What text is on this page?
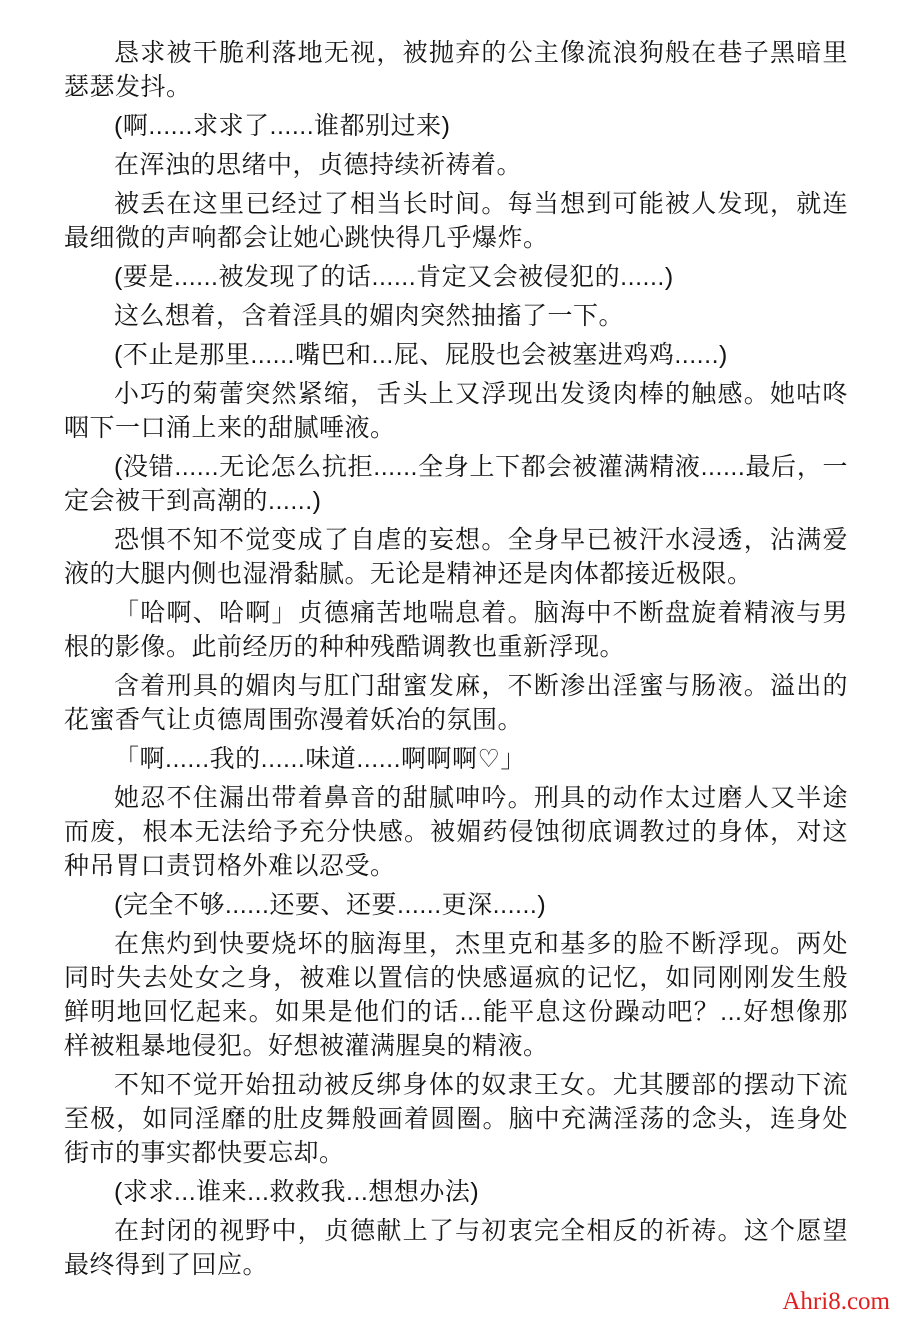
恳求被干脆利落地无视，被抛弃的公主像流浪狗般在巷子黑暗里瑟瑟发抖。

(啊......求求了......谁都别过来)

在浑浊的思绪中，贞德持续祈祷着。

被丢在这里已经过了相当长时间。每当想到可能被人发现，就连最细微的声响都会让她心跳快得几乎爆炸。

(要是......被发现了的话......肯定又会被侵犯的......)

这么想着，含着淫具的媚肉突然抽搐了一下。

(不止是那里......嘴巴和...屁、屁股也会被塞进鸡鸡......)

小巧的菊蕾突然紧缩，舌头上又浮现出发烫肉棒的触感。她咕咚咽下一口涌上来的甜腻唾液。

(没错......无论怎么抗拒......全身上下都会被灌满精液......最后，一定会被干到高潮的......)

恐惧不知不觉变成了自虐的妄想。全身早已被汗水浸透，沾满爱液的大腿内侧也湿滑黏腻。无论是精神还是肉体都接近极限。

「哈啊、哈啊」贞德痛苦地喘息着。脑海中不断盘旋着精液与男根的影像。此前经历的种种残酷调教也重新浮现。

含着刑具的媚肉与肛门甜蜜发麻，不断渗出淫蜜与肠液。溢出的花蜜香气让贞德周围弥漫着妖冶的氛围。

「啊......我的......味道......啊啊啊♡」

她忍不住漏出带着鼻音的甜腻呻吟。刑具的动作太过磨人又半途而废，根本无法给予充分快感。被媚药侵蚀彻底调教过的身体，对这种吊胃口责罚格外难以忍受。

(完全不够......还要、还要......更深......)

在焦灼到快要烧坏的脑海里，杰里克和基多的脸不断浮现。两处同时失去处女之身，被难以置信的快感逼疯的记忆，如同刚刚发生般鲜明地回忆起来。如果是他们的话...能平息这份躁动吧？...好想像那样被粗暴地侵犯。好想被灌满腥臭的精液。

不知不觉开始扭动被反绑身体的奴隶王女。尤其腰部的摆动下流至极，如同淫靡的肚皮舞般画着圆圈。脑中充满淫荡的念头，连身处街市的事实都快要忘却。

(求求...谁来...救救我...想想办法)

在封闭的视野中，贞德献上了与初衷完全相反的祈祷。这个愿望最终得到了回应。

Ahri8.com
